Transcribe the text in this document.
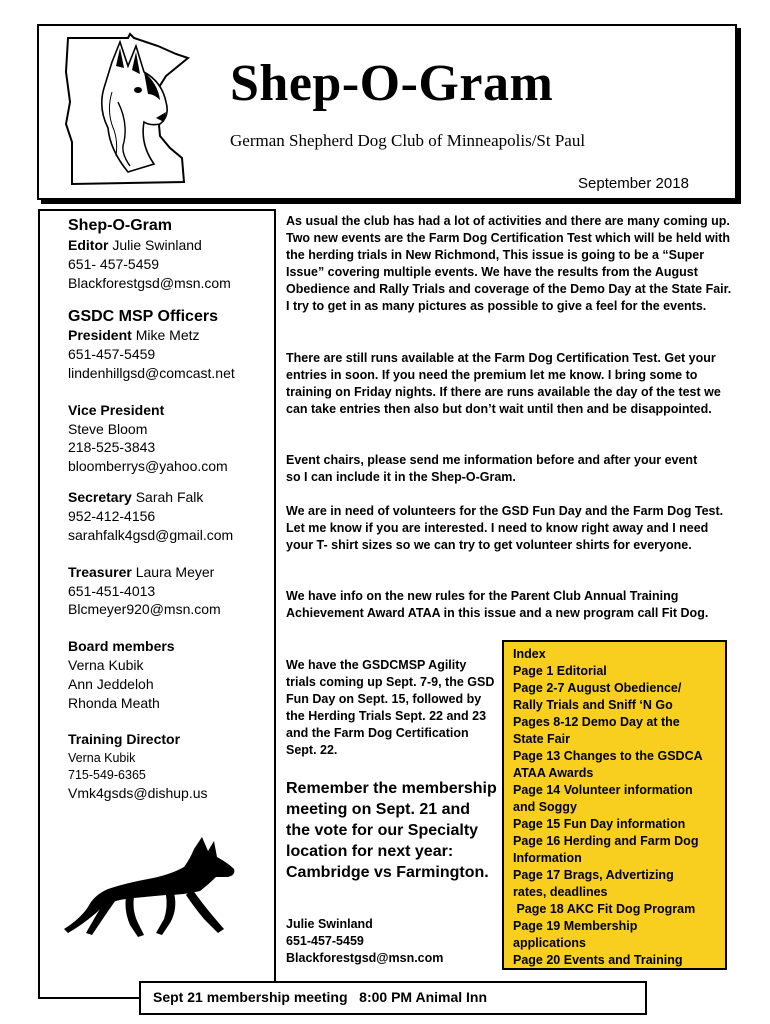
Shep-O-Gram
German Shepherd Dog Club of Minneapolis/St Paul
September 2018
Shep-O-Gram
Editor Julie Swinland
651- 457-5459
Blackforestgsd@msn.com
GSDC MSP Officers
President Mike Metz
651-457-5459
lindenhillgsd@comcast.net
Vice President
Steve Bloom
218-525-3843
bloomberrys@yahoo.com
Secretary Sarah Falk
952-412-4156
sarahfalk4gsd@gmail.com
Treasurer Laura Meyer
651-451-4013
Blcmeyer920@msn.com
Board members
Verna Kubik
Ann Jeddeloh
Rhonda Meath
Training Director
Verna Kubik
715-549-6365
Vmk4gsds@dishup.us
As usual the club has had a lot of activities and there are many coming up. Two new events are the Farm Dog Certification Test which will be held with the herding trials in New Richmond, This issue is going to be a “Super Issue” covering multiple events. We have the results from the August Obedience and Rally Trials and coverage of the Demo Day at the State Fair. I try to get in as many pictures as possible to give a feel for the events.
There are still runs available at the Farm Dog Certification Test. Get your entries in soon. If you need the premium let me know. I bring some to training on Friday nights. If there are runs available the day of the test we can take entries then also but don’t wait until then and be disappointed.
Event chairs, please send me information before and after your event so I can include it in the Shep-O-Gram.
We are in need of volunteers for the GSD Fun Day and the Farm Dog Test. Let me know if you are interested. I need to know right away and I need your T- shirt sizes so we can try to get volunteer shirts for everyone.
We have info on the new rules for the Parent Club Annual Training Achievement Award ATAA in this issue and a new program call Fit Dog.
We have the GSDCMSP Agility trials coming up Sept. 7-9, the GSD Fun Day on Sept. 15, followed by the Herding Trials Sept. 22 and 23 and the Farm Dog Certification Sept. 22.
Remember the membership meeting on Sept. 21 and the vote for our Specialty location for next year: Cambridge vs Farmington.
Julie Swinland
651-457-5459
Blackforestgsd@msn.com
Index
Page 1 Editorial
Page 2-7 August Obedience/
Rally Trials and Sniff ‘N Go
Pages 8-12 Demo Day at the
State Fair
Page 13 Changes to the GSDCA
ATAA Awards
Page 14 Volunteer information
and Soggy
Page 15 Fun Day information
Page 16 Herding and Farm Dog
Information
Page 17 Brags, Advertizing
rates, deadlines
Page 18 AKC Fit Dog Program
Page 19 Membership
applications
Page 20 Events and Training
Sept 21 membership meeting   8:00 PM Animal Inn
